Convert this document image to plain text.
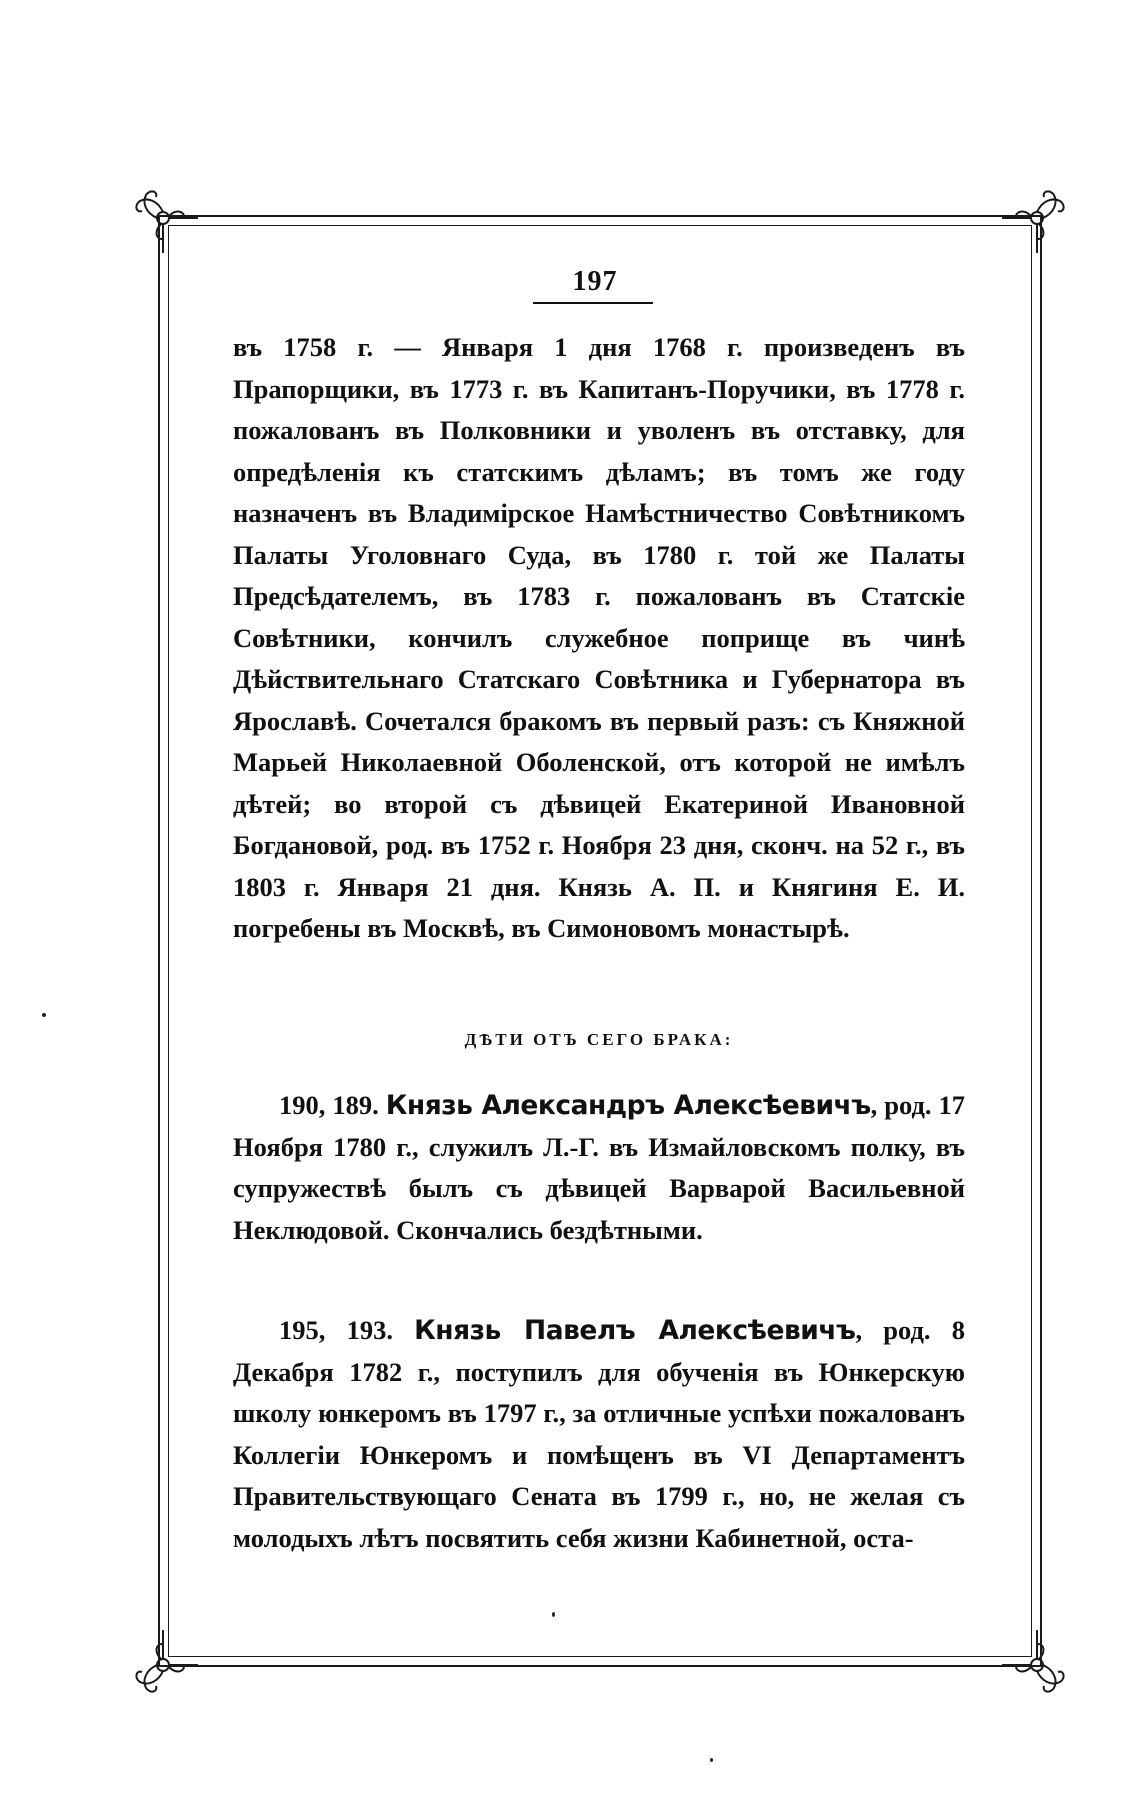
197
въ 1758 г. — Января 1 дня 1768 г. произведенъ въ Прапорщики, въ 1773 г. въ Капитанъ-Поручики, въ 1778 г. пожалованъ въ Полковники и уволенъ въ отставку, для опредѣленія къ статскимъ дѣламъ; въ томъ же году назначенъ въ Владимірское Намѣстничество Совѣтникомъ Палаты Уголовнаго Суда, въ 1780 г. той же Палаты Предсѣдателемъ, въ 1783 г. пожалованъ въ Статскіе Совѣтники, кончилъ служебное поприще въ чинѣ Дѣйствительнаго Статскаго Совѣтника и Губернатора въ Ярославѣ. Сочетался бракомъ въ первый разъ: съ Княжной Марьей Николаевной Оболенской, отъ которой не имѣлъ дѣтей; во второй съ дѣвицей Екатериной Ивановной Богдановой, род. въ 1752 г. Ноября 23 дня, сконч. на 52 г., въ 1803 г. Января 21 дня. Князь А. П. и Княгиня Е. И. погребены въ Москвѣ, въ Симоновомъ монастырѣ.
ДѢТИ ОТЪ СЕГО БРАКА:
190, 189. Князь Александръ Алексѣевичъ, род. 17 Ноября 1780 г., служилъ Л.-Г. въ Измайловскомъ полку, въ супружествѣ былъ съ дѣвицей Варварой Васильевной Неклюдовой. Скончались бездѣтными.
195, 193. Князь Павелъ Алексѣевичъ, род. 8 Декабря 1782 г., поступилъ для обученія въ Юнкерскую школу юнкеромъ въ 1797 г., за отличные успѣхи пожалованъ Коллегіи Юнкеромъ и помѣщенъ въ VI Департаментъ Правительствующаго Сената въ 1799 г., но, не желая съ молодыхъ лѣтъ посвятить себя жизни Кабинетной, оста-
